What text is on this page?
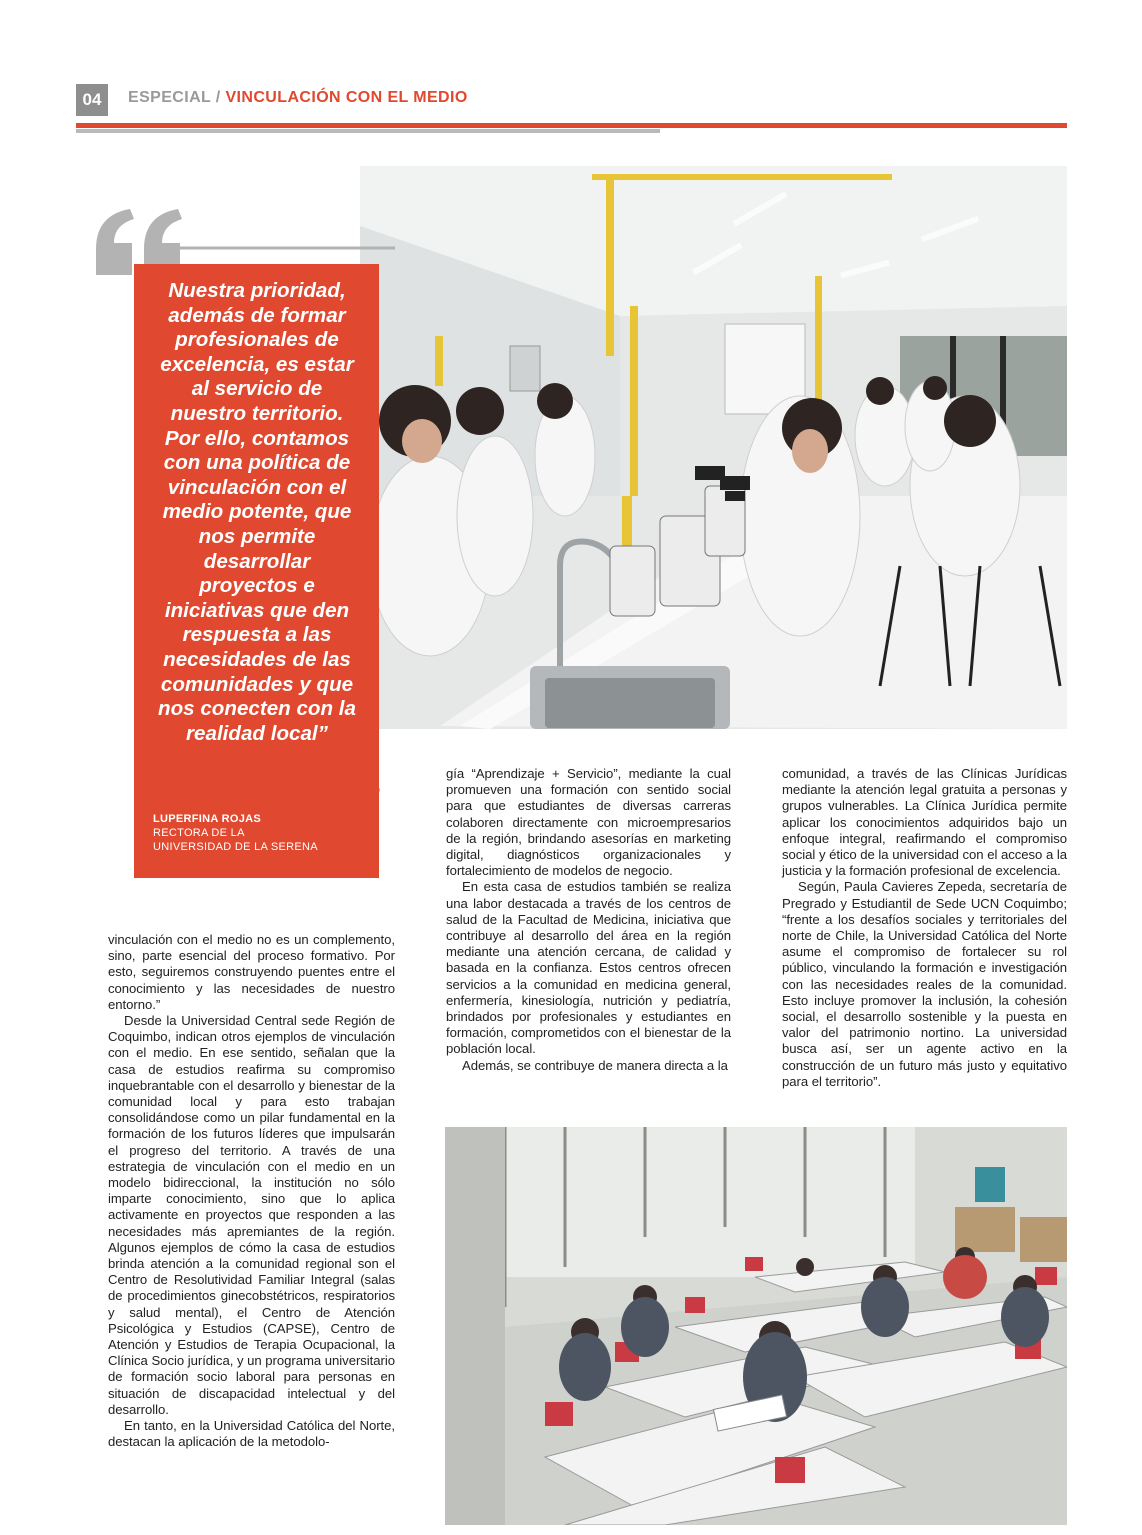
04	ESPECIAL / VINCULACIÓN CON EL MEDIO
Nuestra prioridad, además de formar profesionales de excelencia, es estar al servicio de nuestro territorio. Por ello, contamos con una política de vinculación con el medio potente, que nos permite desarrollar proyectos e iniciativas que den respuesta a las necesidades de las comunidades y que nos conecten con la realidad local”
LUPERFINA ROJAS
RECTORA DE LA
UNIVERSIDAD DE LA SERENA

vinculación con el medio no es un complemento, sino, parte esencial del proceso formativo. Por esto, seguiremos construyendo puentes entre el conocimiento y las necesidades de nuestro entorno.”

Desde la Universidad Central sede Región de Coquimbo, indican otros ejemplos de vinculación con el medio. En ese sentido, señalan que la casa de estudios reafirma su compromiso inquebrantable con el desarrollo y bienestar de la comunidad local y para esto trabajan consolidándose como un pilar fundamental en la formación de los futuros líderes que impulsarán el progreso del territorio. A través de una estrategia de vinculación con el medio en un modelo bidireccional, la institución no sólo imparte conocimiento, sino que lo aplica activamente en proyectos que responden a las necesidades más apremiantes de la región. Algunos ejemplos de cómo la casa de estudios brinda atención a la comunidad regional son el Centro de Resolutividad Familiar Integral (salas de procedimientos ginecobstétricos, respiratorios y salud mental), el Centro de Atención Psicológica y Estudios (CAPSE), Centro de Atención y Estudios de Terapia Ocupacional, la Clínica Socio jurídica, y un programa universitario de formación socio laboral para personas en situación de discapacidad intelectual y del desarrollo.

En tanto, en la Universidad Católica del Norte, destacan la aplicación de la metodolo-

gía “Aprendizaje + Servicio”, mediante la cual promueven una formación con sentido social para que estudiantes de diversas carreras colaboren directamente con microempresarios de la región, brindando asesorías en marketing digital, diagnósticos organizacionales y fortalecimiento de modelos de negocio.

En esta casa de estudios también se realiza una labor destacada a través de los centros de salud de la Facultad de Medicina, iniciativa que contribuye al desarrollo del área en la región mediante una atención cercana, de calidad y basada en la confianza. Estos centros ofrecen servicios a la comunidad en medicina general, enfermería, kinesiología, nutrición y pediatría, brindados por profesionales y estudiantes en formación, comprometidos con el bienestar de la población local.

Además, se contribuye de manera directa a la

comunidad, a través de las Clínicas Jurídicas mediante la atención legal gratuita a personas y grupos vulnerables. La Clínica Jurídica permite aplicar los conocimientos adquiridos bajo un enfoque integral, reafirmando el compromiso social y ético de la universidad con el acceso a la justicia y la formación profesional de excelencia.

Según, Paula Cavieres Zepeda, secretaría de Pregrado y Estudiantil de Sede UCN Coquimbo; “frente a los desafíos sociales y territoriales del norte de Chile, la Universidad Católica del Norte asume el compromiso de fortalecer su rol público, vinculando la formación e investigación con las necesidades reales de la comunidad. Esto incluye promover la inclusión, la cohesión social, el desarrollo sostenible y la puesta en valor del patrimonio nortino. La universidad busca así, ser un agente activo en la construcción de un futuro más justo y equitativo para el territorio”.
